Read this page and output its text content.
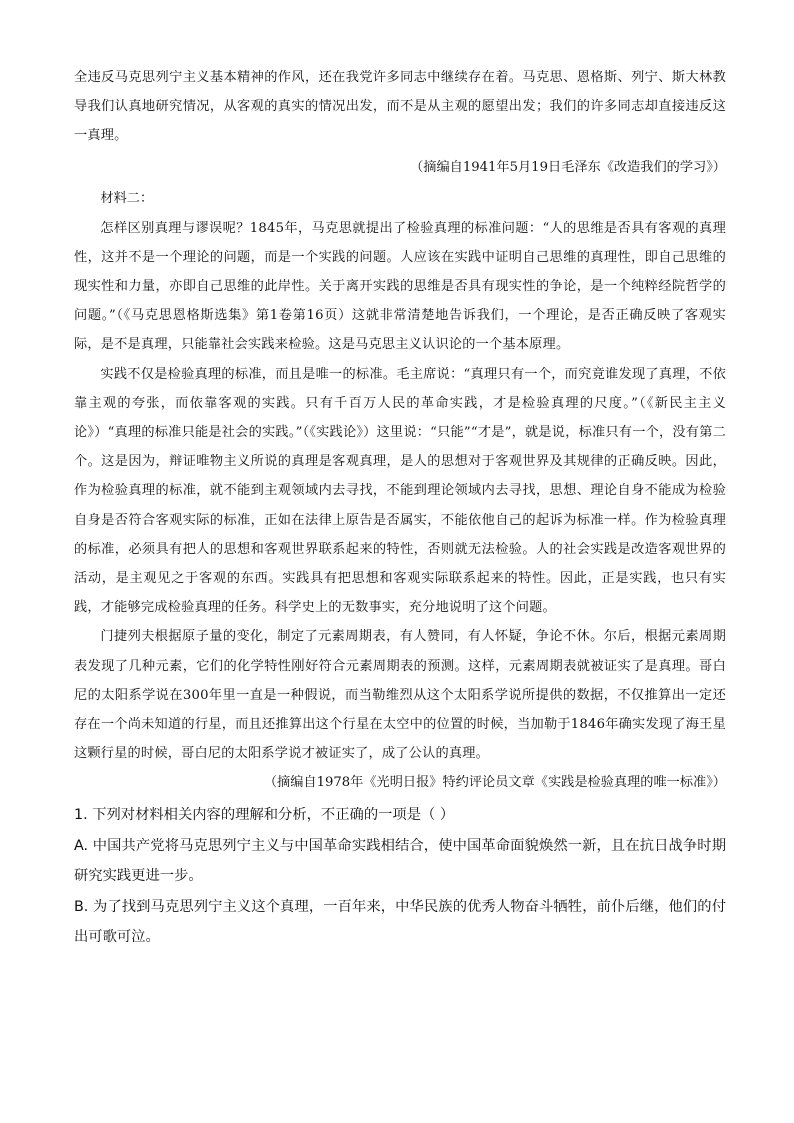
全违反马克思列宁主义基本精神的作风，还在我党许多同志中继续存在着。马克思、恩格斯、列宁、斯大林教导我们认真地研究情况，从客观的真实的情况出发，而不是从主观的愿望出发；我们的许多同志却直接违反这一真理。

（摘编自1941年5月19日毛泽东《改造我们的学习》）

材料二：

怎样区别真理与谬误呢？1845年，马克思就提出了检验真理的标准问题：“人的思维是否具有客观的真理性，这并不是一个理论的问题，而是一个实践的问题。人应该在实践中证明自己思维的真理性，即自己思维的现实性和力量，亦即自己思维的此岸性。关于离开实践的思维是否具有现实性的争论，是一个纯粹经院哲学的问题。”（《马克思恩格斯选集》第1卷第16页）这就非常清楚地告诉我们，一个理论，是否正确反映了客观实际，是不是真理，只能靠社会实践来检验。这是马克思主义认识论的一个基本原理。

实践不仅是检验真理的标准，而且是唯一的标准。毛主席说：“真理只有一个，而究竟谁发现了真理，不依靠主观的夸张，而依靠客观的实践。只有千百万人民的革命实践，才是检验真理的尺度。”（《新民主主义论》）“真理的标准只能是社会的实践。”（《实践论》）这里说：“只能”“才是”，就是说，标准只有一个，没有第二个。这是因为，辩证唯物主义所说的真理是客观真理，是人的思想对于客观世界及其规律的正确反映。因此，作为检验真理的标准，就不能到主观领域内去寻找，不能到理论领域内去寻找，思想、理论自身不能成为检验自身是否符合客观实际的标准，正如在法律上原告是否属实，不能依他自己的起诉为标准一样。作为检验真理的标准，必须具有把人的思想和客观世界联系起来的特性，否则就无法检验。人的社会实践是改造客观世界的活动，是主观见之于客观的东西。实践具有把思想和客观实际联系起来的特性。因此，正是实践，也只有实践，才能够完成检验真理的任务。科学史上的无数事实，充分地说明了这个问题。

门捷列夫根据原子量的变化，制定了元素周期表，有人赞同，有人怀疑，争论不休。尔后，根据元素周期表发现了几种元素，它们的化学特性刚好符合元素周期表的预测。这样，元素周期表就被证实了是真理。哥白尼的太阳系学说在300年里一直是一种假说，而当勒维烈从这个太阳系学说所提供的数据，不仅推算出一定还存在一个尚未知道的行星，而且还推算出这个行星在太空中的位置的时候，当加勒于1846年确实发现了海王星这颗行星的时候，哥白尼的太阳系学说才被证实了，成了公认的真理。

（摘编自1978年《光明日报》特约评论员文章《实践是检验真理的唯一标准》）

1. 下列对材料相关内容的理解和分析，不正确的一项是（ ）

A. 中国共产党将马克思列宁主义与中国革命实践相结合，使中国革命面貌焕然一新，且在抗日战争时期研究实践更进一步。

B. 为了找到马克思列宁主义这个真理，一百年来，中华民族的优秀人物奋斗牺牲，前仆后继，他们的付出可歌可泣。
